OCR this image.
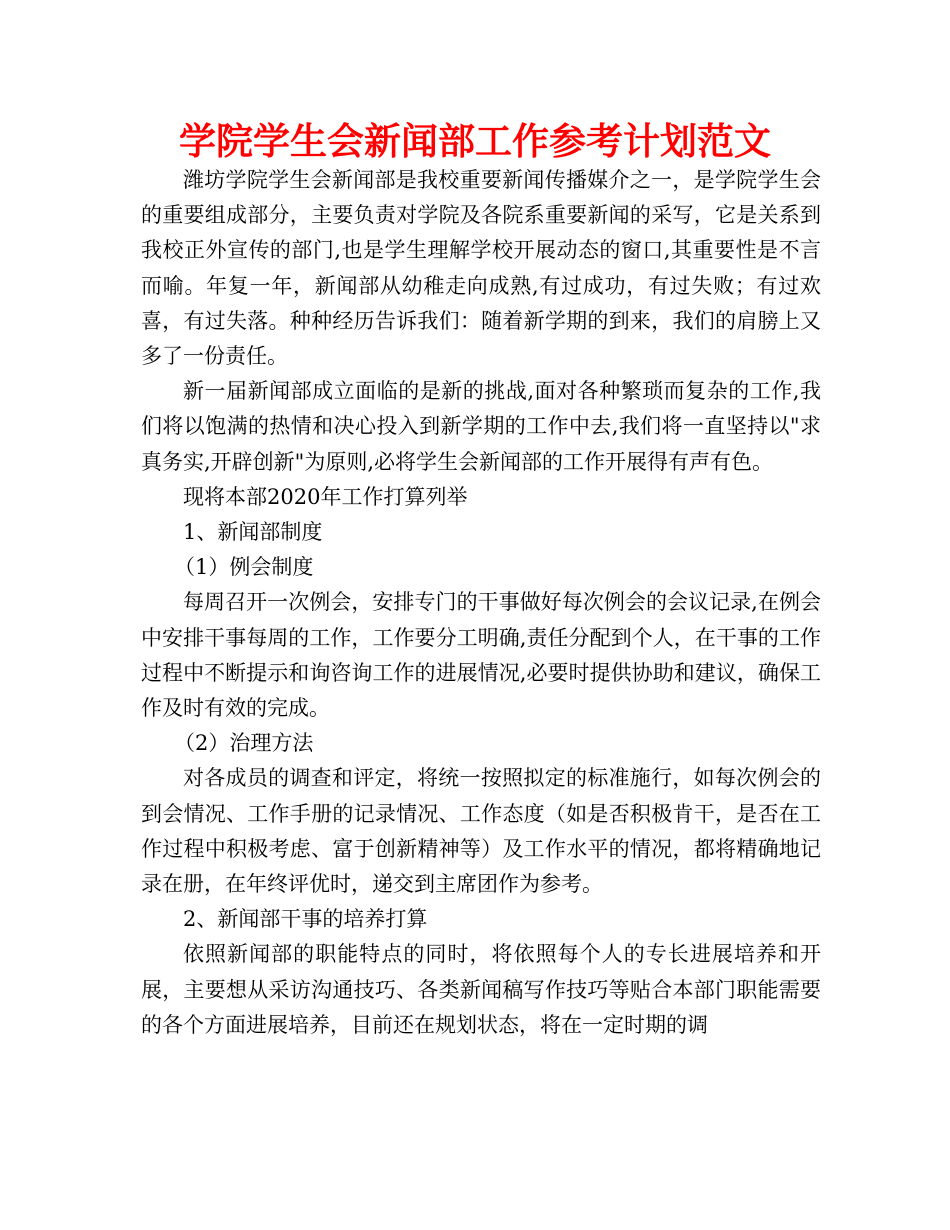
学院学生会新闻部工作参考计划范文

潍坊学院学生会新闻部是我校重要新闻传播媒介之一，是学院学生会的重要组成部分，主要负责对学院及各院系重要新闻的采写，它是关系到我校正外宣传的部门,也是学生理解学校开展动态的窗口,其重要性是不言而喻。年复一年，新闻部从幼稚走向成熟,有过成功，有过失败；有过欢喜，有过失落。种种经历告诉我们：随着新学期的到来，我们的肩膀上又多了一份责任。

新一届新闻部成立面临的是新的挑战,面对各种繁琐而复杂的工作,我们将以饱满的热情和决心投入到新学期的工作中去,我们将一直坚持以"求真务实,开辟创新"为原则,必将学生会新闻部的工作开展得有声有色。

现将本部2020年工作打算列举

1、新闻部制度

（1）例会制度

每周召开一次例会，安排专门的干事做好每次例会的会议记录,在例会中安排干事每周的工作，工作要分工明确,责任分配到个人，在干事的工作过程中不断提示和询咨询工作的进展情况,必要时提供协助和建议，确保工作及时有效的完成。

（2）治理方法

对各成员的调查和评定，将统一按照拟定的标准施行，如每次例会的到会情况、工作手册的记录情况、工作态度（如是否积极肯干，是否在工作过程中积极考虑、富于创新精神等）及工作水平的情况，都将精确地记录在册，在年终评优时，递交到主席团作为参考。

2、新闻部干事的培养打算

依照新闻部的职能特点的同时，将依照每个人的专长进展培养和开展，主要想从采访沟通技巧、各类新闻稿写作技巧等贴合本部门职能需要的各个方面进展培养，目前还在规划状态，将在一定时期的调
